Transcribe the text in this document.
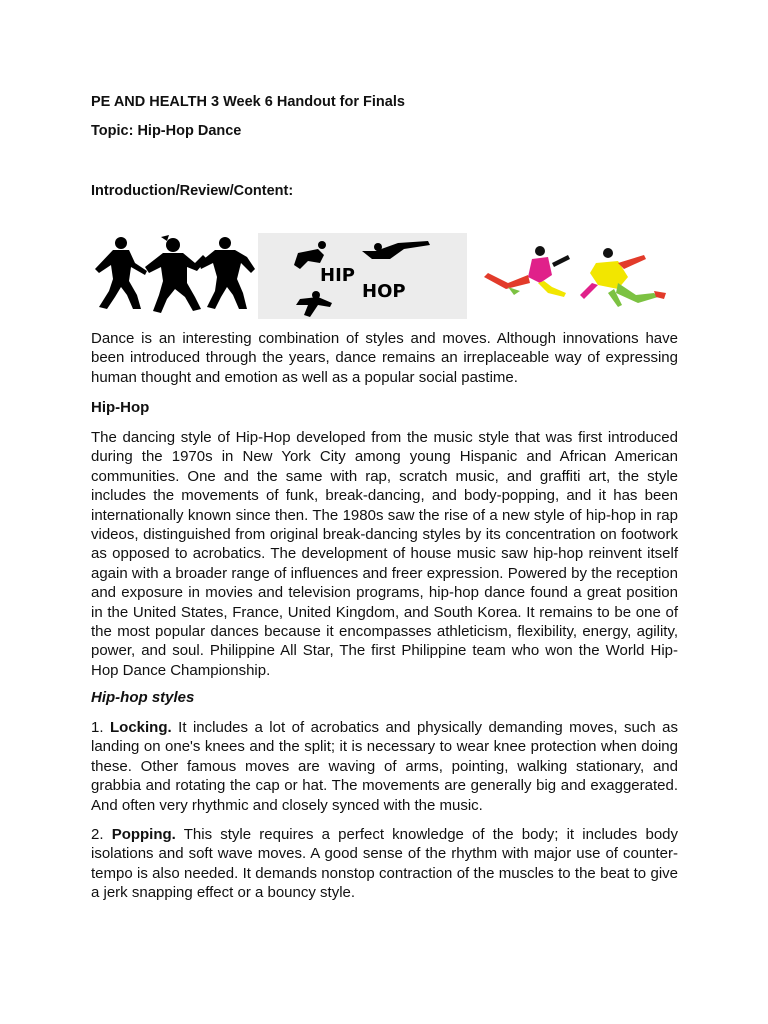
PE AND HEALTH 3 Week 6 Handout for Finals
Topic: Hip-Hop Dance
Introduction/Review/Content:
HIP
HOP

Dance is an interesting combination of styles and moves. Although innovations have been introduced through the years, dance remains an irreplaceable way of expressing human thought and emotion as well as a popular social pastime.

Hip-Hop

The dancing style of Hip-Hop developed from the music style that was first introduced during the 1970s in New York City among young Hispanic and African American communities. One and the same with rap, scratch music, and graffiti art, the style includes the movements of funk, break-dancing, and body-popping, and it has been internationally known since then. The 1980s saw the rise of a new style of hip-hop in rap videos, distinguished from original break-dancing styles by its concentration on footwork as opposed to acrobatics. The development of house music saw hip-hop reinvent itself again with a broader range of influences and freer expression. Powered by the reception and exposure in movies and television programs, hip-hop dance found a great position in the United States, France, United Kingdom, and South Korea. It remains to be one of the most popular dances because it encompasses athleticism, flexibility, energy, agility, power, and soul. Philippine All Star, The first Philippine team who won the World Hip-Hop Dance Championship.

Hip-hop styles

1. Locking. It includes a lot of acrobatics and physically demanding moves, such as landing on one's knees and the split; it is necessary to wear knee protection when doing these. Other famous moves are waving of arms, pointing, walking stationary, and grabbia and rotating the cap or hat. The movements are generally big and exaggerated. And often very rhythmic and closely synced with the music.

2. Popping. This style requires a perfect knowledge of the body; it includes body isolations and soft wave moves. A good sense of the rhythm with major use of counter-tempo is also needed. It demands nonstop contraction of the muscles to the beat to give a jerk snapping effect or a bouncy style.
